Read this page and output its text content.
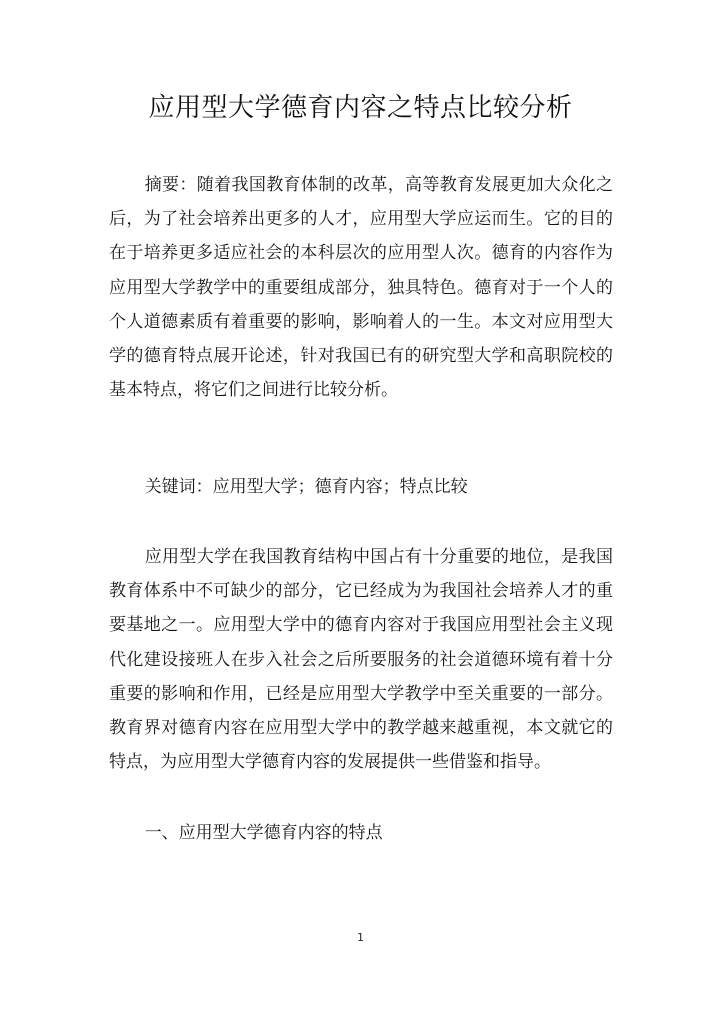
应用型大学德育内容之特点比较分析

摘要：随着我国教育体制的改革，高等教育发展更加大众化之后，为了社会培养出更多的人才，应用型大学应运而生。它的目的在于培养更多适应社会的本科层次的应用型人次。德育的内容作为应用型大学教学中的重要组成部分，独具特色。德育对于一个人的个人道德素质有着重要的影响，影响着人的一生。本文对应用型大学的德育特点展开论述，针对我国已有的研究型大学和高职院校的基本特点，将它们之间进行比较分析。

关键词：应用型大学；德育内容；特点比较

应用型大学在我国教育结构中国占有十分重要的地位，是我国教育体系中不可缺少的部分，它已经成为为我国社会培养人才的重要基地之一。应用型大学中的德育内容对于我国应用型社会主义现代化建设接班人在步入社会之后所要服务的社会道德环境有着十分重要的影响和作用，已经是应用型大学教学中至关重要的一部分。教育界对德育内容在应用型大学中的教学越来越重视，本文就它的特点，为应用型大学德育内容的发展提供一些借鉴和指导。

一、应用型大学德育内容的特点

1
